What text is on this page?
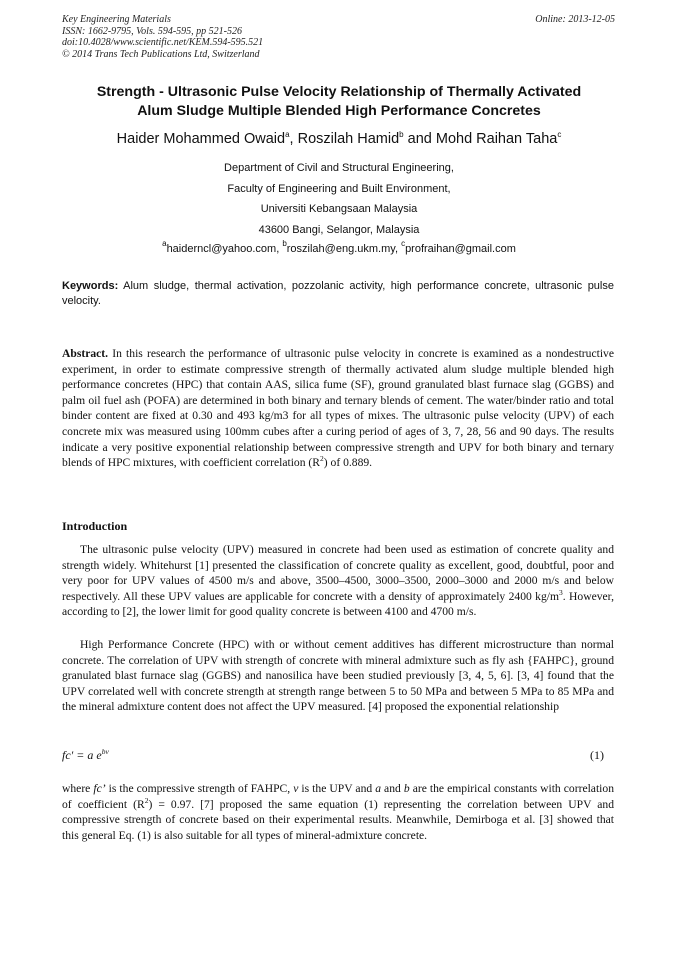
Key Engineering Materials
ISSN: 1662-9795, Vols. 594-595, pp 521-526
doi:10.4028/www.scientific.net/KEM.594-595.521
© 2014 Trans Tech Publications Ltd, Switzerland
Online: 2013-12-05
Strength - Ultrasonic Pulse Velocity Relationship of Thermally Activated
Alum Sludge Multiple Blended High Performance Concretes
Haider Mohammed Owaid$^a$, Roszilah Hamid$^b$ and Mohd Raihan Taha$^c$
Department of Civil and Structural Engineering,
Faculty of Engineering and Built Environment,
Universiti Kebangsaan Malaysia
43600 Bangi, Selangor, Malaysia
$^a$haiderncl@yahoo.com, $^b$roszilah@eng.ukm.my, $^c$profraihan@gmail.com
Keywords: Alum sludge, thermal activation, pozzolanic activity, high performance concrete, ultrasonic pulse velocity.
Abstract. In this research the performance of ultrasonic pulse velocity in concrete is examined as a nondestructive experiment, in order to estimate compressive strength of thermally activated alum sludge multiple blended high performance concretes (HPC) that contain AAS, silica fume (SF), ground granulated blast furnace slag (GGBS) and palm oil fuel ash (POFA) are determined in both binary and ternary blends of cement. The water/binder ratio and total binder content are fixed at 0.30 and 493 kg/m3 for all types of mixes. The ultrasonic pulse velocity (UPV) of each concrete mix was measured using 100mm cubes after a curing period of ages of 3, 7, 28, 56 and 90 days. The results indicate a very positive exponential relationship between compressive strength and UPV for both binary and ternary blends of HPC mixtures, with coefficient correlation $(R^2)$ of 0.889.
Introduction
The ultrasonic pulse velocity (UPV) measured in concrete had been used as estimation of concrete quality and strength widely. Whitehurst [1] presented the classification of concrete quality as excellent, good, doubtful, poor and very poor for UPV values of 4500 m/s and above, 3500–4500, 3000–3500, 2000–3000 and 2000 m/s and below respectively. All these UPV values are applicable for concrete with a density of approximately 2400 $kg/m^3$. However, according to [2], the lower limit for good quality concrete is between 4100 and 4700 m/s.
High Performance Concrete (HPC) with or without cement additives has different microstructure than normal concrete. The correlation of UPV with strength of concrete with mineral admixture such as fly ash {FAHPC}, ground granulated blast furnace slag (GGBS) and nanosilica have been studied previously [3, 4, 5, 6]. [3, 4] found that the UPV correlated well with concrete strength at strength range between 5 to 50 MPa and between 5 MPa to 85 MPa and the mineral admixture content does not affect the UPV measured. [4] proposed the exponential relationship
fc′ = a $e^{bv}$	(1)
where fc’ is the compressive strength of FAHPC, v is the UPV and a and b are the empirical constants with correlation of coefficient $(R^2) = 0.97$. [7] proposed the same equation (1) representing the correlation between UPV and compressive strength of concrete based on their experimental results. Meanwhile, Demirboga et al. [3] showed that this general Eq. (1) is also suitable for all types of mineral-admixture concrete.
